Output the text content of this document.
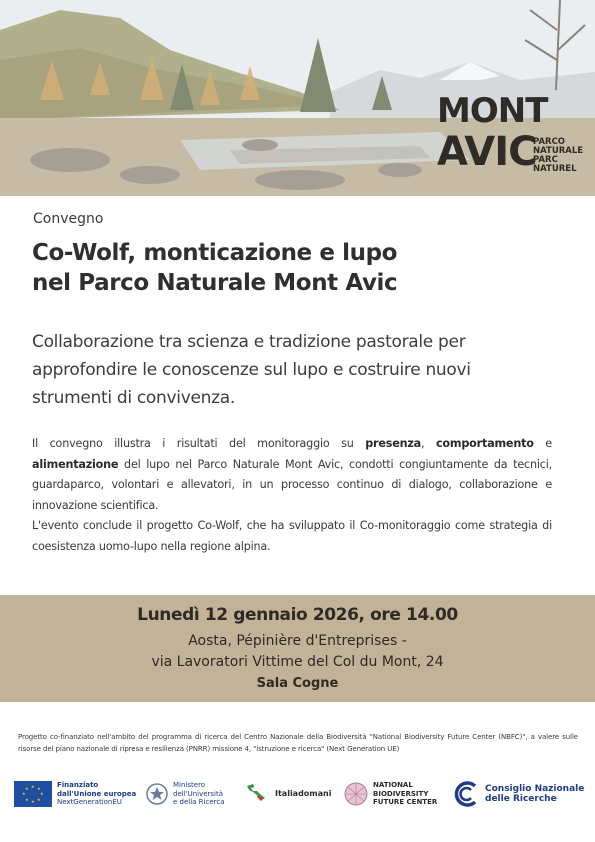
MONT
AVIC
PARCO
NATURALE
PARC
NATUREL
Convegno
Co-Wolf, monticazione e lupo
nel Parco Naturale Mont Avic

Collaborazione tra scienza e tradizione pastorale per approfondire le conoscenze sul lupo e costruire nuovi strumenti di convivenza.

Il convegno illustra i risultati del monitoraggio su presenza, comportamento e alimentazione del lupo nel Parco Naturale Mont Avic, condotti congiuntamente da tecnici, guardaparco, volontari e allevatori, in un processo continuo di dialogo, collaborazione e innovazione scientifica.

L'evento conclude il progetto Co-Wolf, che ha sviluppato il Co-monitoraggio come strategia di coesistenza uomo-lupo nella regione alpina.

Lunedì 12 gennaio 2026, ore 14.00
Aosta, Pépinière d'Entreprises -
via Lavoratori Vittime del Col du Mont, 24
Sala Cogne

Progetto co-finanziato nell'ambito del programma di ricerca del Centro Nazionale della Biodiversità "National Biodiversity Future Center (NBFC)", a valere sulle risorse del piano nazionale di ripresa e resilienza (PNRR) missione 4, "istruzione e ricerca" (Next Generation UE)

★ ★
★
★
★
★
★
★	Finanziato
dall'Unione europea
NextGenerationEU
Ministero
dell'Università
e della Ricerca
Italiadomani
NATIONAL
BIODIVERSITY
FUTURE CENTER
Consiglio Nazionale
delle Ricerche
